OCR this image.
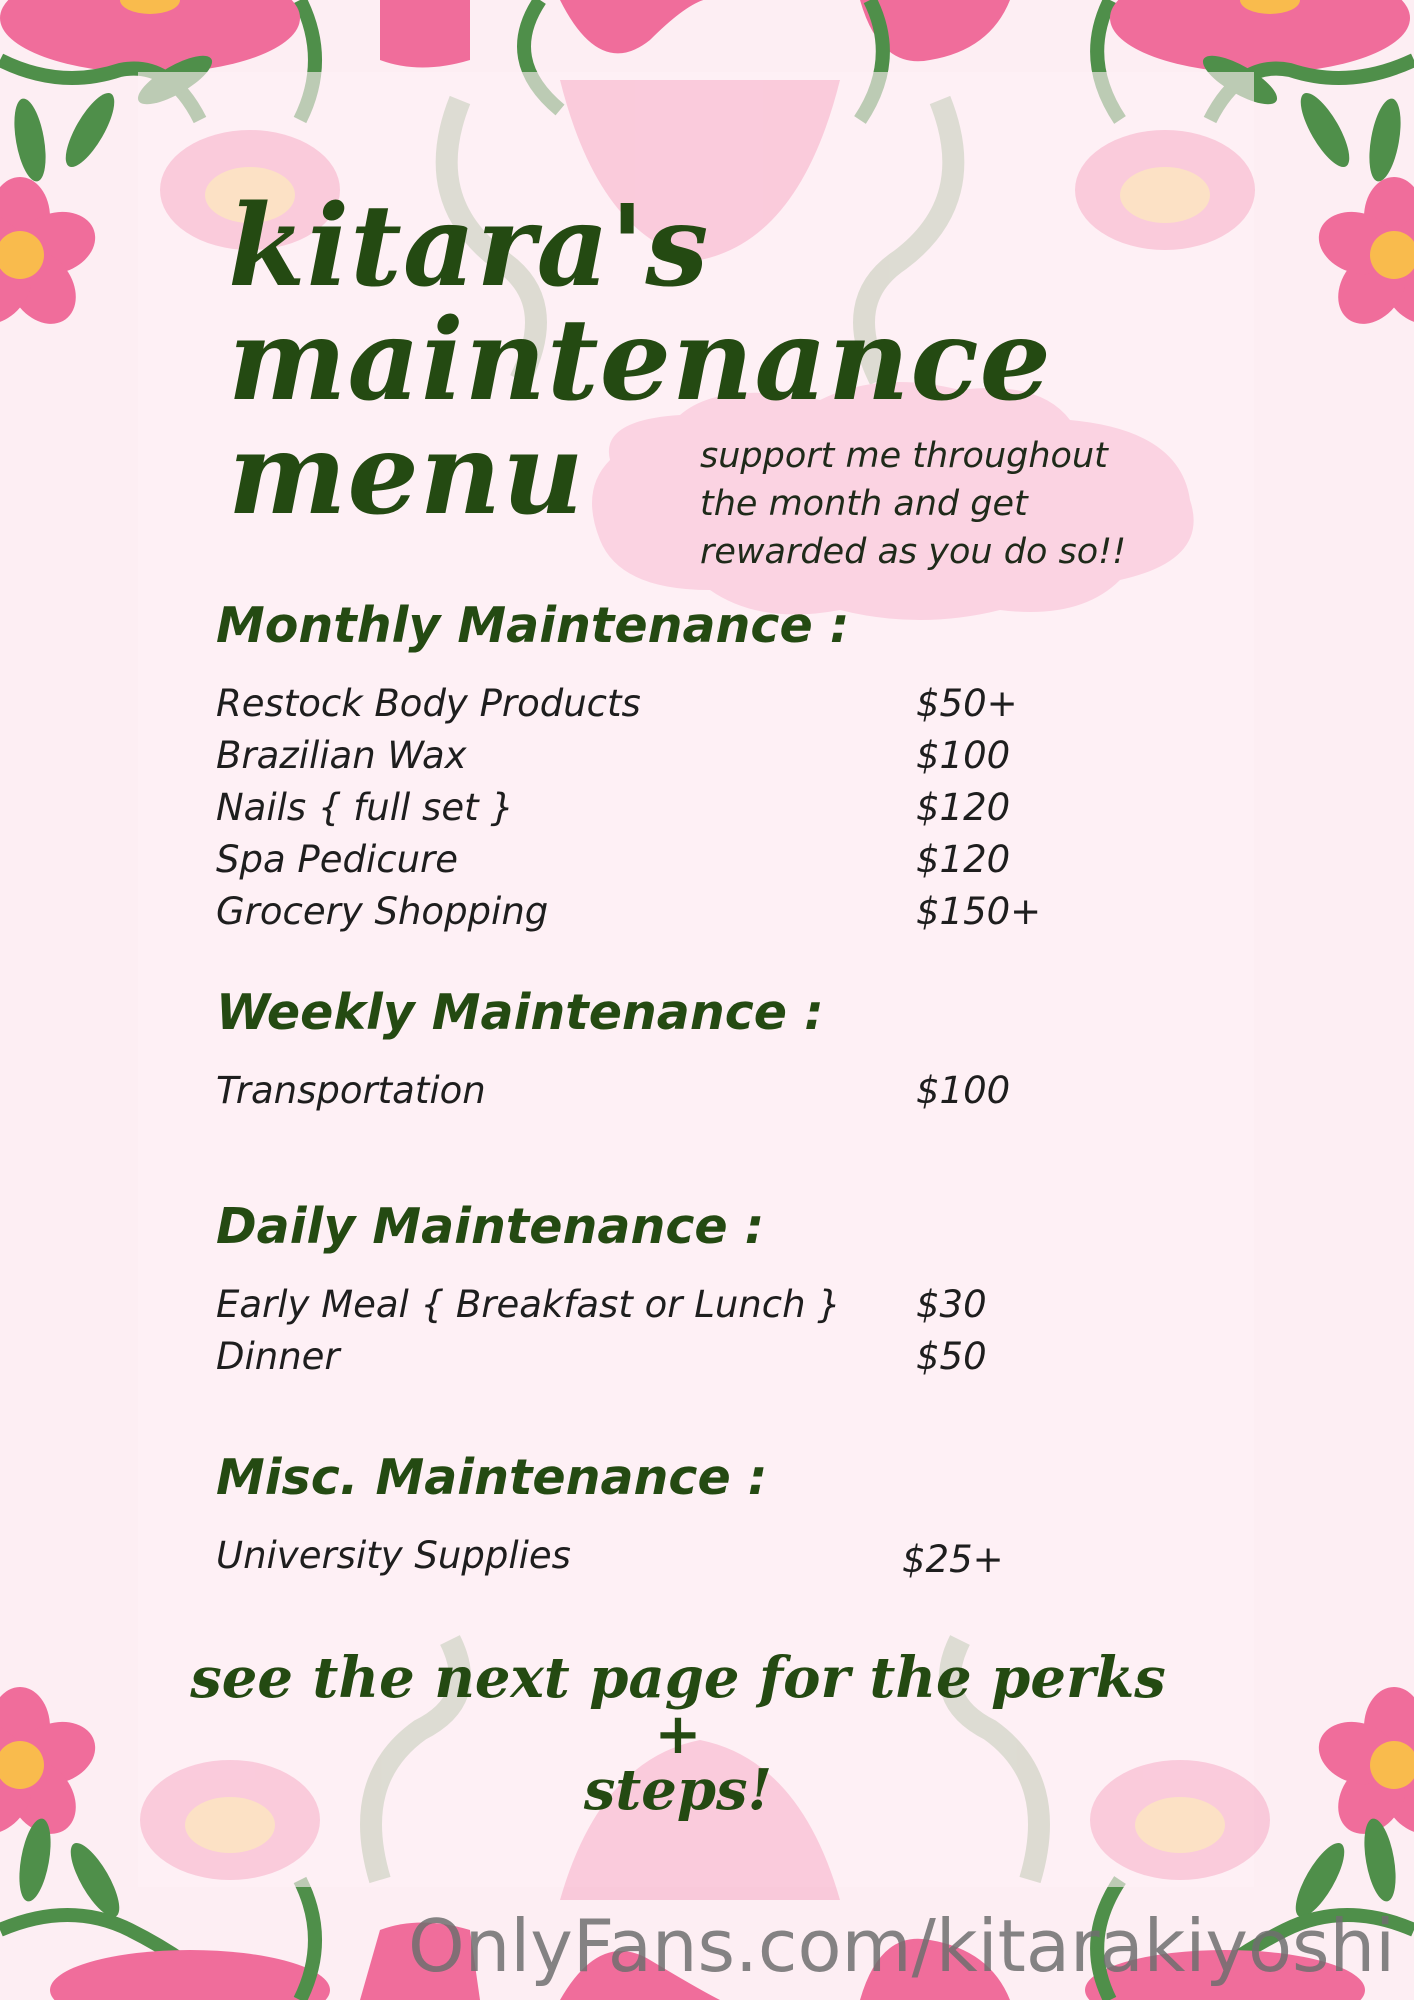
kitara's
maintenance
menu	support me throughout
the month and get
rewarded as you do so!!

Monthly Maintenance :
Restock Body Products	$50+
Brazilian Wax	$100
Nails { full set }	$120
Spa Pedicure	$120
Grocery Shopping	$150+
Weekly Maintenance :
Transportation	$100
Daily Maintenance :
Early Meal { Breakfast or Lunch } $30
Dinner	$50
Misc. Maintenance :
University Supplies	$25+

see the next page for the perks +
steps!

OnlyFans.com/kitarakiyoshi
